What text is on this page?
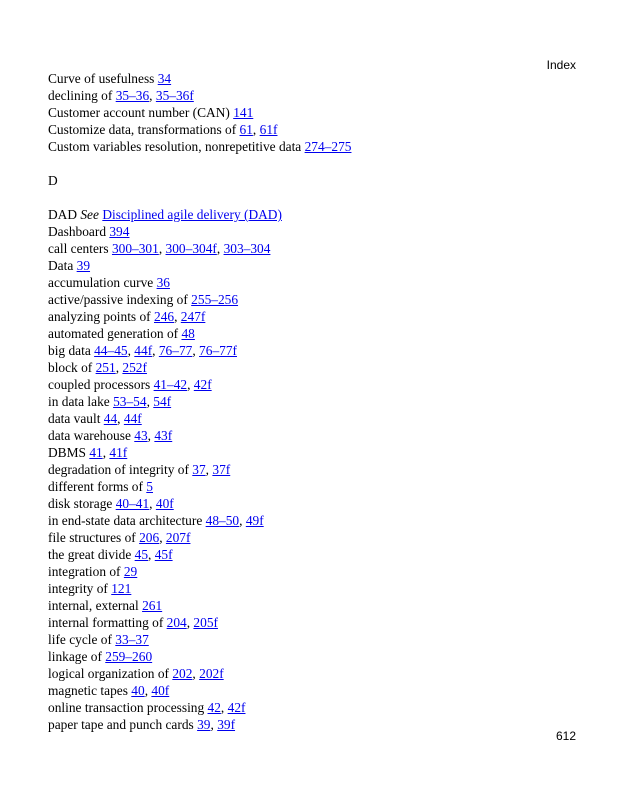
Index
Curve of usefulness 34
declining of 35–36, 35–36f
Customer account number (CAN) 141
Customize data, transformations of 61, 61f
Custom variables resolution, nonrepetitive data 274–275
D
DAD See Disciplined agile delivery (DAD)
Dashboard 394
call centers 300–301, 300–304f, 303–304
Data 39
accumulation curve 36
active/passive indexing of 255–256
analyzing points of 246, 247f
automated generation of 48
big data 44–45, 44f, 76–77, 76–77f
block of 251, 252f
coupled processors 41–42, 42f
in data lake 53–54, 54f
data vault 44, 44f
data warehouse 43, 43f
DBMS 41, 41f
degradation of integrity of 37, 37f
different forms of 5
disk storage 40–41, 40f
in end-state data architecture 48–50, 49f
file structures of 206, 207f
the great divide 45, 45f
integration of 29
integrity of 121
internal, external 261
internal formatting of 204, 205f
life cycle of 33–37
linkage of 259–260
logical organization of 202, 202f
magnetic tapes 40, 40f
online transaction processing 42, 42f
paper tape and punch cards 39, 39f
612
